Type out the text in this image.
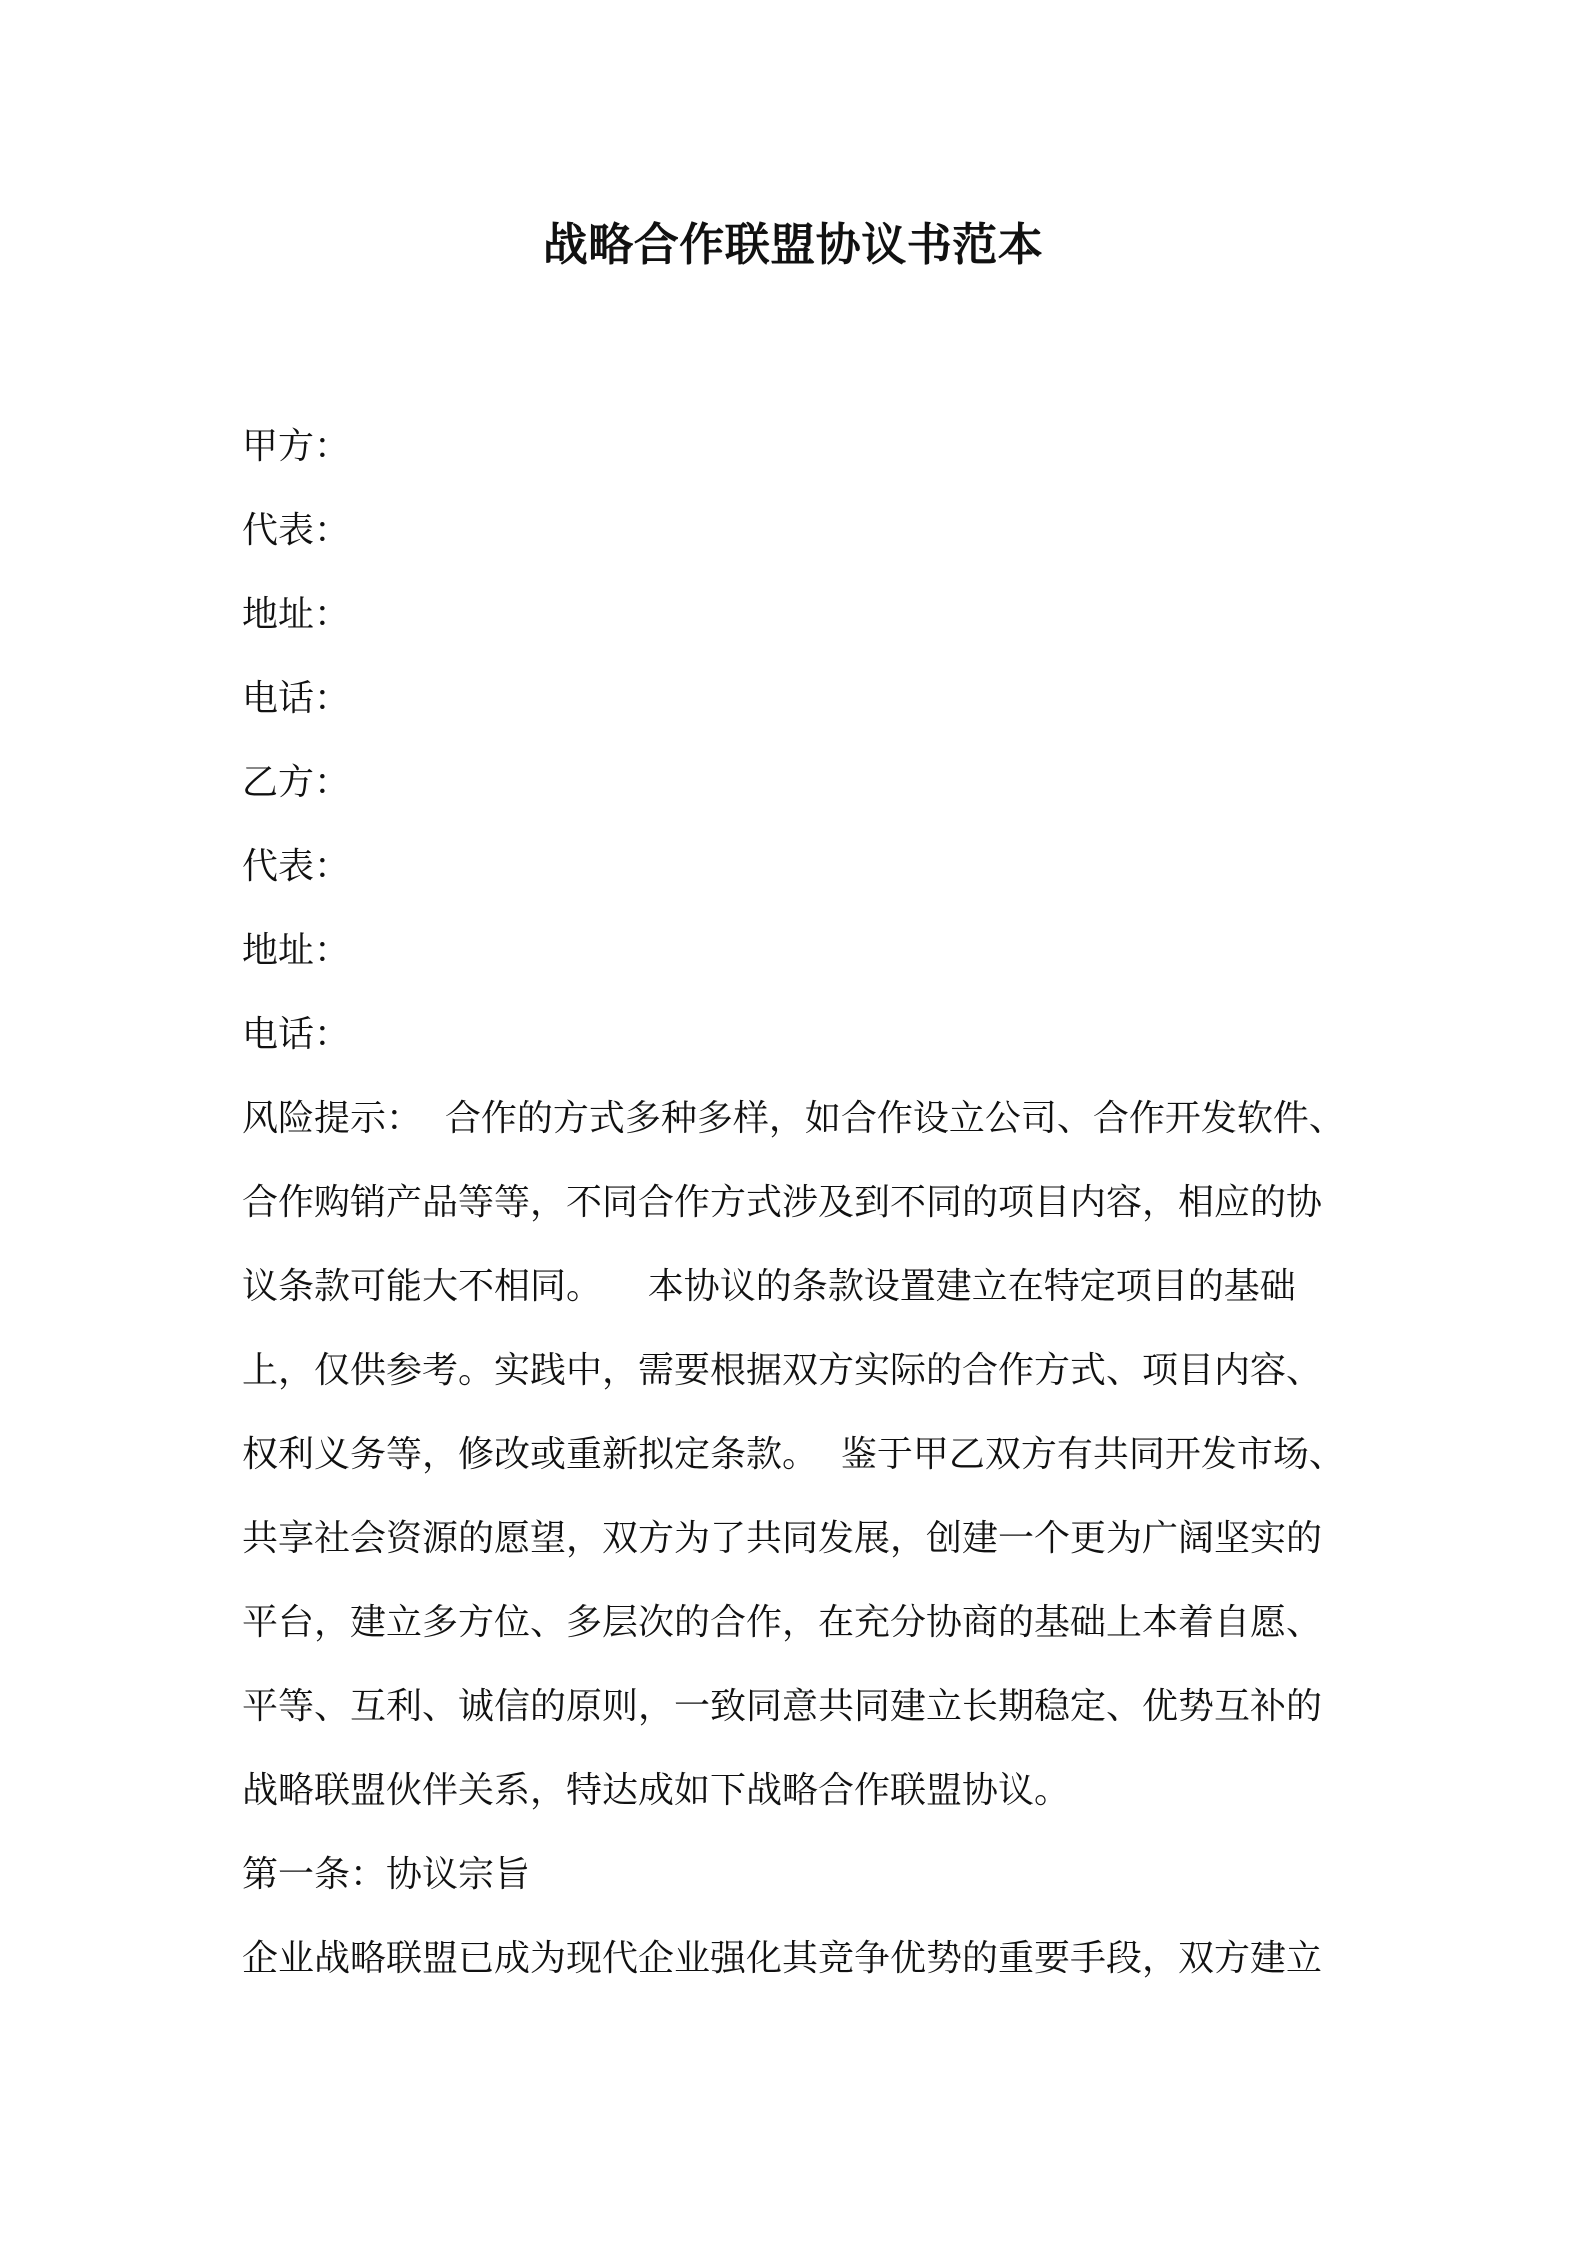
战略合作联盟协议书范本
甲方：
代表：
地址：
电话：
乙方：
代表：
地址：
电话：
风险提示：  合作的方式多种多样，如合作设立公司、合作开发软件、
合作购销产品等等，不同合作方式涉及到不同的项目内容，相应的协
议条款可能大不相同。    本协议的条款设置建立在特定项目的基础
上，仅供参考。实践中，需要根据双方实际的合作方式、项目内容、
权利义务等，修改或重新拟定条款。  鉴于甲乙双方有共同开发市场、
共享社会资源的愿望，双方为了共同发展，创建一个更为广阔坚实的
平台，建立多方位、多层次的合作，在充分协商的基础上本着自愿、
平等、互利、诚信的原则，一致同意共同建立长期稳定、优势互补的
战略联盟伙伴关系，特达成如下战略合作联盟协议。
第一条：协议宗旨
企业战略联盟已成为现代企业强化其竞争优势的重要手段，双方建立
